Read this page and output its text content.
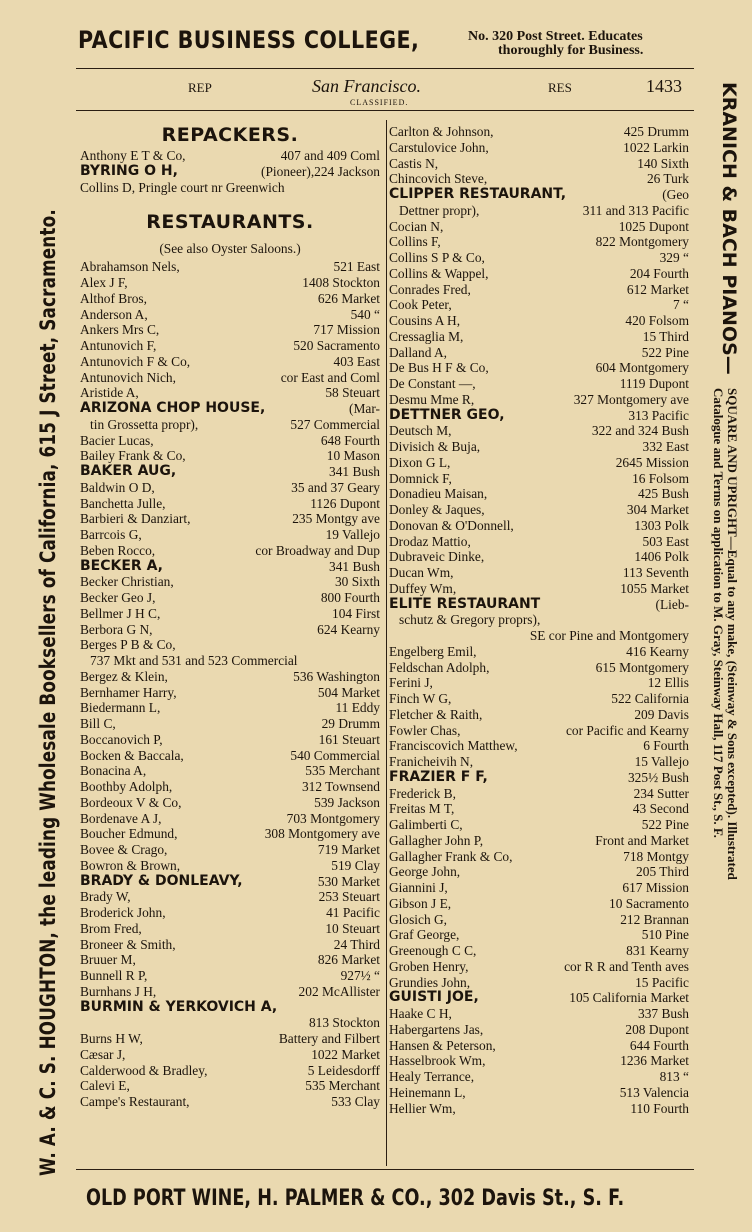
PACIFIC BUSINESS COLLEGE,	No. 320 Post Street. Educates
thoroughly for Business.
W. A. & C. S. HOUGHTON, the leading Wholesale Booksellers of California, 615 J Street, Sacramento.	KRANICH & BACH PIANOS—
SQUARE AND UPRIGHT—Equal to any make, (Steinway & Sons excepted). Illustrated
Catalogue and Terms on application to M. Gray, Steinway Hall, 117 Post St., S. F.
REP	San Francisco.
CLASSIFIED.
RES	1433
REPACKERS.
Anthony E T & Co,	407 and 409 Coml
BYRING O H,	(Pioneer),224 Jackson
Collins D, Pringle court nr Greenwich
RESTAURANTS.
(See also Oyster Saloons.)
Abrahamson Nels,	521 East
Alex J F,	1408 Stockton
Althof Bros,	626 Market
Anderson A,	540 “
Ankers Mrs C,	717 Mission
Antunovich F,	520 Sacramento
Antunovich F & Co,	403 East
Antunovich Nich,	cor East and Coml
Aristide A,	58 Steuart
ARIZONA CHOP HOUSE,	(Mar-
tin Grossetta propr),	527 Commercial
Bacier Lucas,	648 Fourth
Bailey Frank & Co,	10 Mason
BAKER AUG,	341 Bush
Baldwin O D,	35 and 37 Geary
Banchetta Julle,	1126 Dupont
Barbieri & Danziart,	235 Montgy ave
Barrcois G,	19 Vallejo
Beben Rocco,	cor Broadway and Dup
BECKER A,	341 Bush
Becker Christian,	30 Sixth
Becker Geo J,	800 Fourth
Bellmer J H C,	104 First
Berbora G N,	624 Kearny
Berges P B & Co,
737 Mkt and 531 and 523 Commercial
Bergez & Klein,	536 Washington
Bernhamer Harry,	504 Market
Biedermann L,	11 Eddy
Bill C,	29 Drumm
Boccanovich P,	161 Steuart
Bocken & Baccala,	540 Commercial
Bonacina A,	535 Merchant
Boothby Adolph,	312 Townsend
Bordeoux V & Co,	539 Jackson
Bordenave A J,	703 Montgomery
Boucher Edmund,	308 Montgomery ave
Bovee & Crago,	719 Market
Bowron & Brown,	519 Clay
BRADY & DONLEAVY,	530 Market
Brady W,	253 Steuart
Broderick John,	41 Pacific
Brom Fred,	10 Steuart
Broneer & Smith,	24 Third
Bruuer M,	826 Market
Bunnell R P,	927½ “
Burnhans J H,	202 McAllister
BURMIN & YERKOVICH A,
813 Stockton
Burns H W,	Battery and Filbert
Cæsar J,	1022 Market
Calderwood & Bradley,	5 Leidesdorff
Calevi E,	535 Merchant
Campe's Restaurant,	533 Clay
Carlton & Johnson,	425 Drumm
Carstulovice John,	1022 Larkin
Castis N,	140 Sixth
Chincovich Steve,	26 Turk
CLIPPER RESTAURANT,	(Geo
Dettner propr),	311 and 313 Pacific
Cocian N,	1025 Dupont
Collins F,	822 Montgomery
Collins S P & Co,	329 “
Collins & Wappel,	204 Fourth
Conrades Fred,	612 Market
Cook Peter,	7 “
Cousins A H,	420 Folsom
Cressaglia M,	15 Third
Dalland A,	522 Pine
De Bus H F & Co,	604 Montgomery
De Constant —,	1119 Dupont
Desmu Mme R,	327 Montgomery ave
DETTNER GEO,	313 Pacific
Deutsch M,	322 and 324 Bush
Divisich & Buja,	332 East
Dixon G L,	2645 Mission
Domnick F,	16 Folsom
Donadieu Maisan,	425 Bush
Donley & Jaques,	304 Market
Donovan & O'Donnell,	1303 Polk
Drodaz Mattio,	503 East
Dubraveic Dinke,	1406 Polk
Ducan Wm,	113 Seventh
Duffey Wm,	1055 Market
ELITE RESTAURANT	(Lieb-
schutz & Gregory proprs),
SE cor Pine and Montgomery
Engelberg Emil,	416 Kearny
Feldschan Adolph,	615 Montgomery
Ferini J,	12 Ellis
Finch W G,	522 California
Fletcher & Raith,	209 Davis
Fowler Chas,	cor Pacific and Kearny
Franciscovich Matthew,	6 Fourth
Franicheivih N,	15 Vallejo
FRAZIER F F,	325½ Bush
Frederick B,	234 Sutter
Freitas M T,	43 Second
Galimberti C,	522 Pine
Gallagher John P,	Front and Market
Gallagher Frank & Co,	718 Montgy
George John,	205 Third
Giannini J,	617 Mission
Gibson J E,	10 Sacramento
Glosich G,	212 Brannan
Graf George,	510 Pine
Greenough C C,	831 Kearny
Groben Henry,	cor R R and Tenth aves
Grundies John,	15 Pacific
GUISTI JOE,	105 California Market
Haake C H,	337 Bush
Habergartens Jas,	208 Dupont
Hansen & Peterson,	644 Fourth
Hasselbrook Wm,	1236 Market
Healy Terrance,	813 “
Heinemann L,	513 Valencia
Hellier Wm,	110 Fourth
OLD PORT WINE, H. PALMER & CO., 302 Davis St., S. F.
